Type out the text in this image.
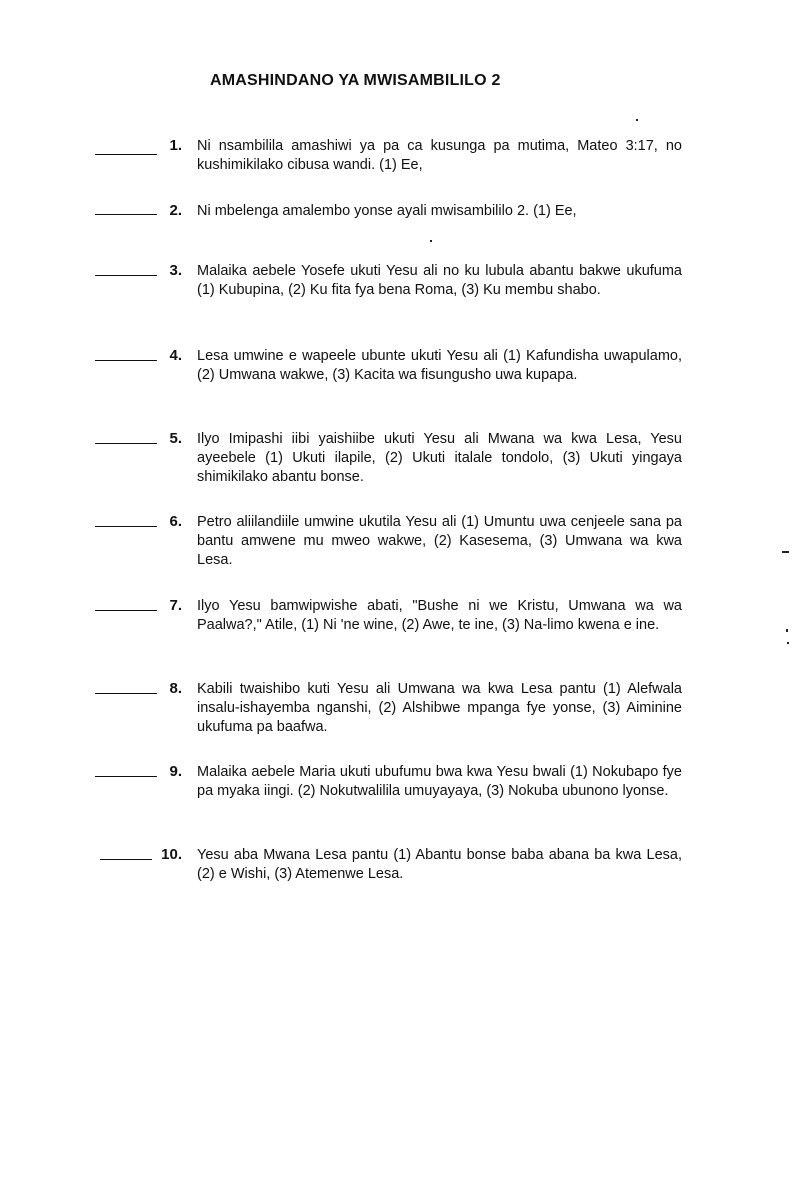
AMASHINDANO YA MWISAMBILILO 2
1. Ni nsambilila amashiwi ya pa ca kusunga pa mutima, Mateo 3:17, no kushimikilako cibusa wandi. (1) Ee,
2. Ni mbelenga amalembo yonse ayali mwisambililo 2. (1) Ee,
3. Malaika aebele Yosefe ukuti Yesu ali no ku lubula abantu bakwe ukufuma (1) Kubupina, (2) Ku fita fya bena Roma, (3) Ku membu shabo.
4. Lesa umwine e wapeele ubunte ukuti Yesu ali (1) Kafundisha uwapulamo, (2) Umwana wakwe, (3) Kacita wa fisungusho uwa kupapa.
5. Ilyo Imipashi iibi yaishiibe ukuti Yesu ali Mwana wa kwa Lesa, Yesu ayeebele (1) Ukuti ilapile, (2) Ukuti italale tondolo, (3) Ukuti yingaya shimikilako abantu bonse.
6. Petro aliilandiile umwine ukutila Yesu ali (1) Umuntu uwa cenjeele sana pa bantu amwene mu mweo wakwe, (2) Kasesema, (3) Umwana wa kwa Lesa.
7. Ilyo Yesu bamwipwishe abati, "Bushe ni we Kristu, Umwana wa wa Paalwa?," Atile, (1) Ni 'ne wine, (2) Awe, te ine, (3) Na-limo kwena e ine.
8. Kabili twaishibo kuti Yesu ali Umwana wa kwa Lesa pantu (1) Alefwala insalu-ishayemba nganshi, (2) Alshibwe mpanga fye yonse, (3) Aiminine ukufuma pa baafwa.
9. Malaika aebele Maria ukuti ubufumu bwa kwa Yesu bwali (1) Nokubapo fye pa myaka iingi. (2) Nokutwalilila umuyayaya, (3) Nokuba ubunono lyonse.
10. Yesu aba Mwana Lesa pantu (1) Abantu bonse baba abana ba kwa Lesa, (2) e Wishi, (3) Atemenwe Lesa.
